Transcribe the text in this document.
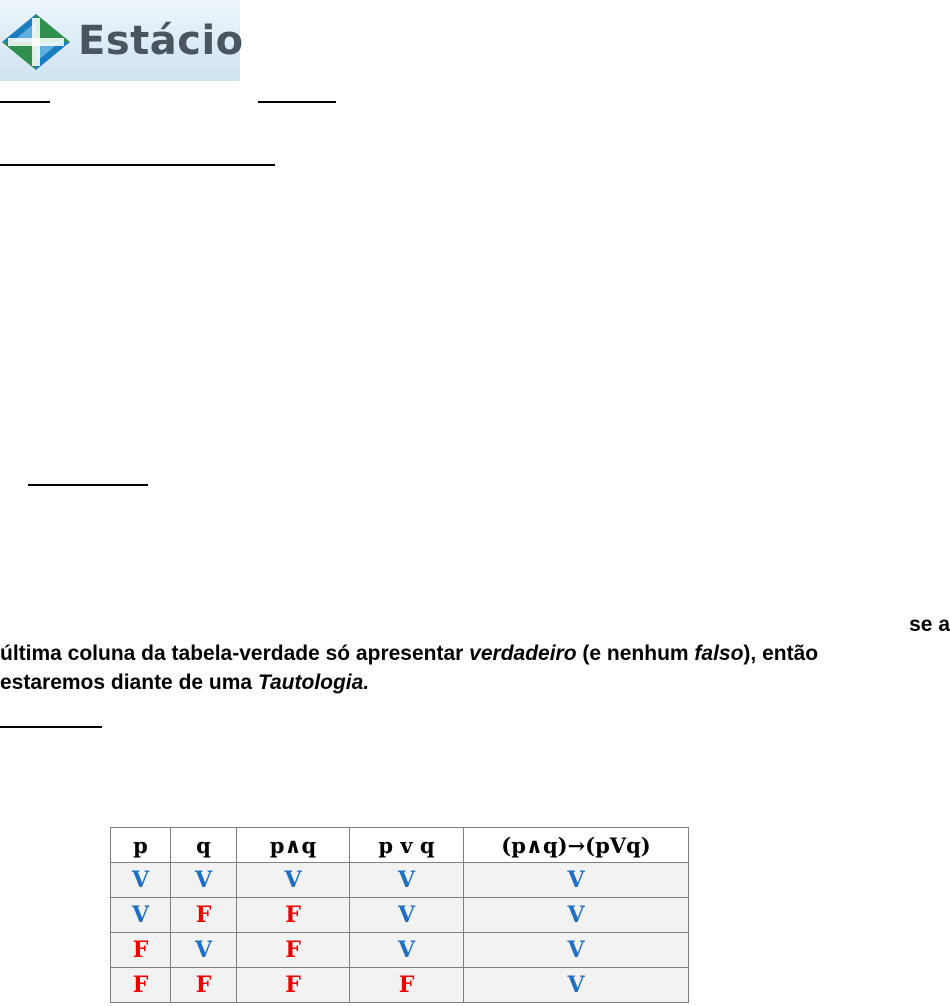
Estácio
se a
última coluna da tabela-verdade só apresentar verdadeiro (e nenhum falso), então
estaremos diante de uma Tautologia.
p	q	p∧q	p v q	(p∧q)→(pVq)
V	V	V	V	V
V	F	F	V	V
F	V	F	V	V
F	F	F	F	V
